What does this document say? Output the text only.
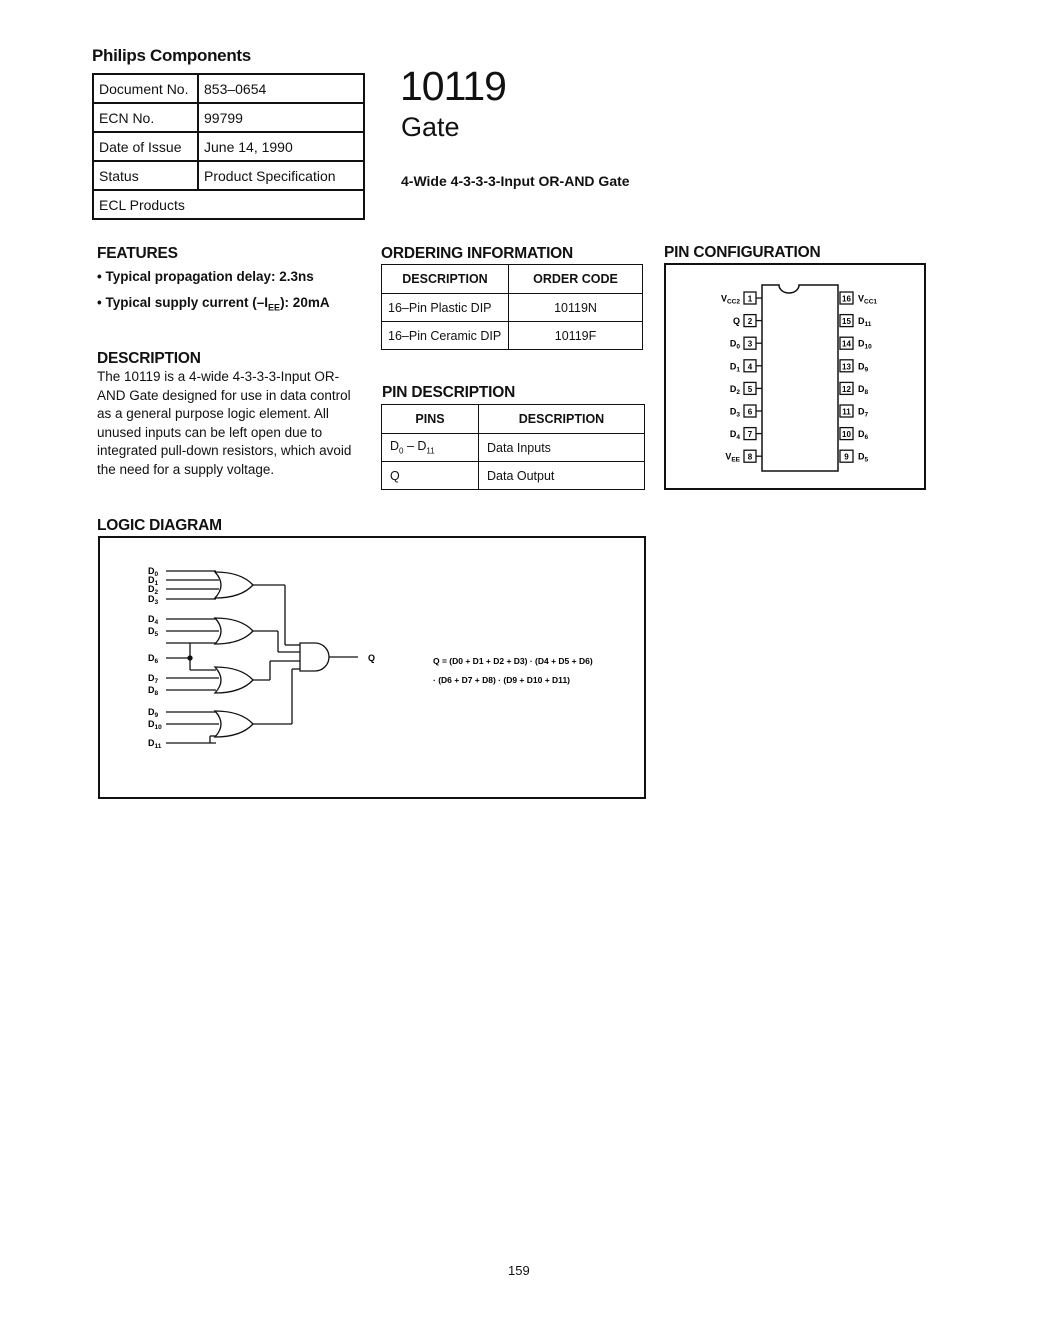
Philips Components
Document No.	853–0654
ECN No.	99799
Date of Issue	June 14, 1990
Status	Product Specification
ECL Products	
10119
Gate
4-Wide 4-3-3-3-Input OR-AND Gate
FEATURES
• Typical propagation delay: 2.3ns
• Typical supply current $(-I_{EE})$: 20mA
DESCRIPTION
The 10119 is a 4-wide 4-3-3-3-Input OR-AND Gate designed for use in data control as a general purpose logic element. All unused inputs can be left open due to integrated pull-down resistors, which avoid the need for a supply voltage.
ORDERING INFORMATION
DESCRIPTION	ORDER CODE
16–Pin Plastic DIP	10119N
16–Pin Ceramic DIP	10119F
PIN DESCRIPTION
PINS	DESCRIPTION
$D_0 - D_{11}$	Data Inputs
Q	Data Output
PIN CONFIGURATION
1
$V_{CC2}$
2
Q
3
$D_0$
4
$D_1$
5
$D_2$
6
$D_3$
7
$D_4$
8
$V_{EE}$
16 $V_{CC1}$
15 $D_{11}$
14 $D_{10}$
13 $D_9$
12 $D_8$
11 $D_7$
10 $D_6$
9 $D_5$
LOGIC DIAGRAM
$D_0$
$D_1$
$D_2$
$D_3$
$D_4$
$D_5$
$D_6$
$D_7$
$D_8$
$D_9$
$D_{10}$
$D_{11}$
Q	Q = (D0 + D1 + D2 + D3) · (D4 + D5 + D6)
· (D6 + D7 + D8) · (D9 + D10 + D11)
159
